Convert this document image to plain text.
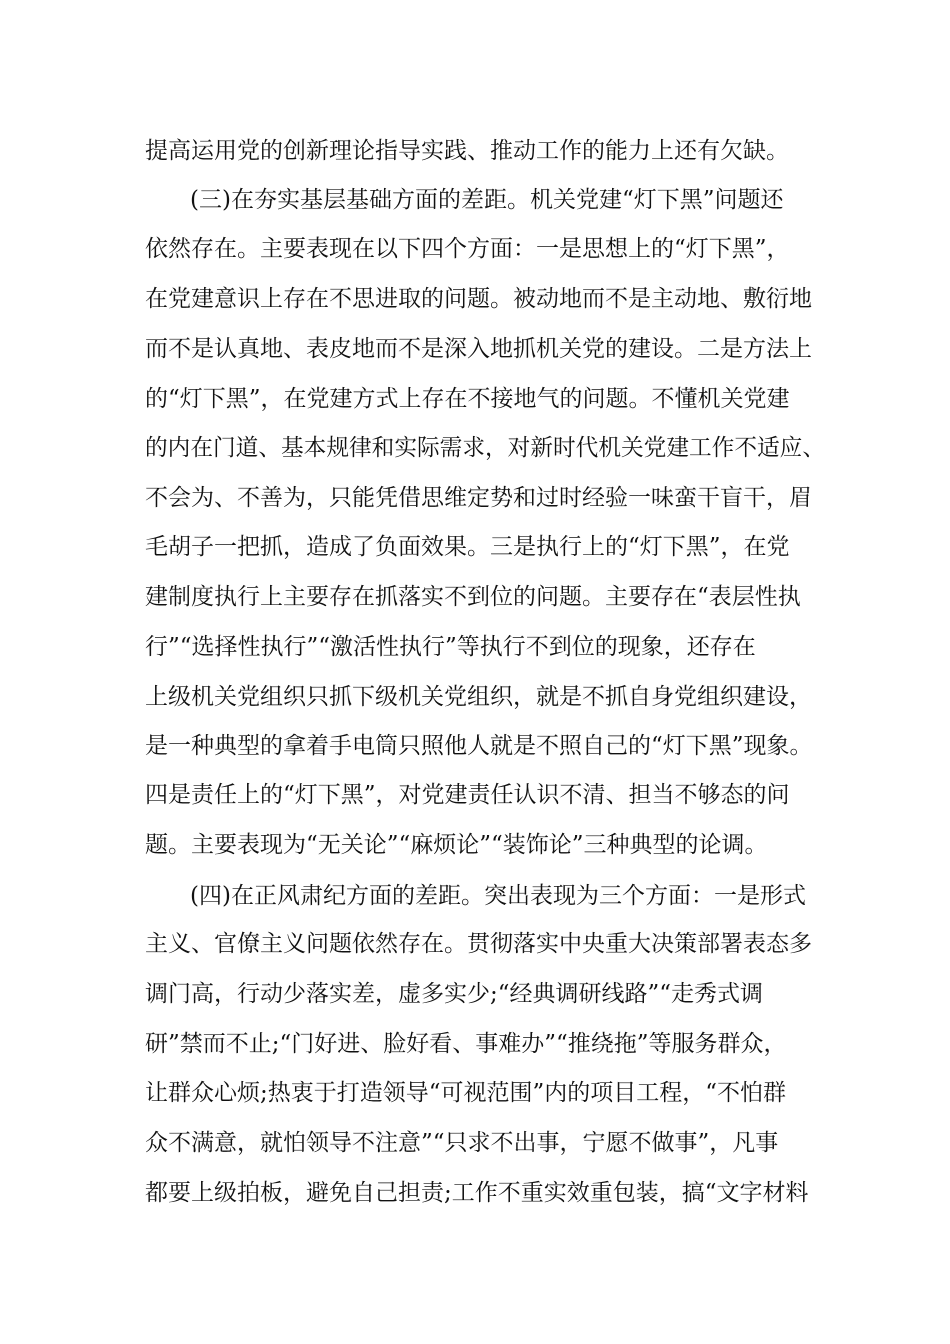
提高运用党的创新理论指导实践、推动工作的能力上还有欠缺。
(三)在夯实基层基础方面的差距。机关党建“灯下黑”问题还
依然存在。主要表现在以下四个方面：一是思想上的“灯下黑”，
在党建意识上存在不思进取的问题。被动地而不是主动地、敷衍地
而不是认真地、表皮地而不是深入地抓机关党的建设。二是方法上
的“灯下黑”，在党建方式上存在不接地气的问题。不懂机关党建
的内在门道、基本规律和实际需求，对新时代机关党建工作不适应、
不会为、不善为，只能凭借思维定势和过时经验一味蛮干盲干，眉
毛胡子一把抓，造成了负面效果。三是执行上的“灯下黑”，在党
建制度执行上主要存在抓落实不到位的问题。主要存在“表层性执
行”“选择性执行”“激活性执行”等执行不到位的现象，还存在
上级机关党组织只抓下级机关党组织，就是不抓自身党组织建设，
是一种典型的拿着手电筒只照他人就是不照自己的“灯下黑”现象。
四是责任上的“灯下黑”，对党建责任认识不清、担当不够态的问
题。主要表现为“无关论”“麻烦论”“装饰论”三种典型的论调。
(四)在正风肃纪方面的差距。突出表现为三个方面：一是形式
主义、官僚主义问题依然存在。贯彻落实中央重大决策部署表态多
调门高，行动少落实差，虚多实少;“经典调研线路”“走秀式调
研”禁而不止;“门好进、脸好看、事难办”“推绕拖”等服务群众，
让群众心烦;热衷于打造领导“可视范围”内的项目工程，“不怕群
众不满意，就怕领导不注意”“只求不出事，宁愿不做事”，凡事
都要上级拍板，避免自己担责;工作不重实效重包装，搞“文字材料
